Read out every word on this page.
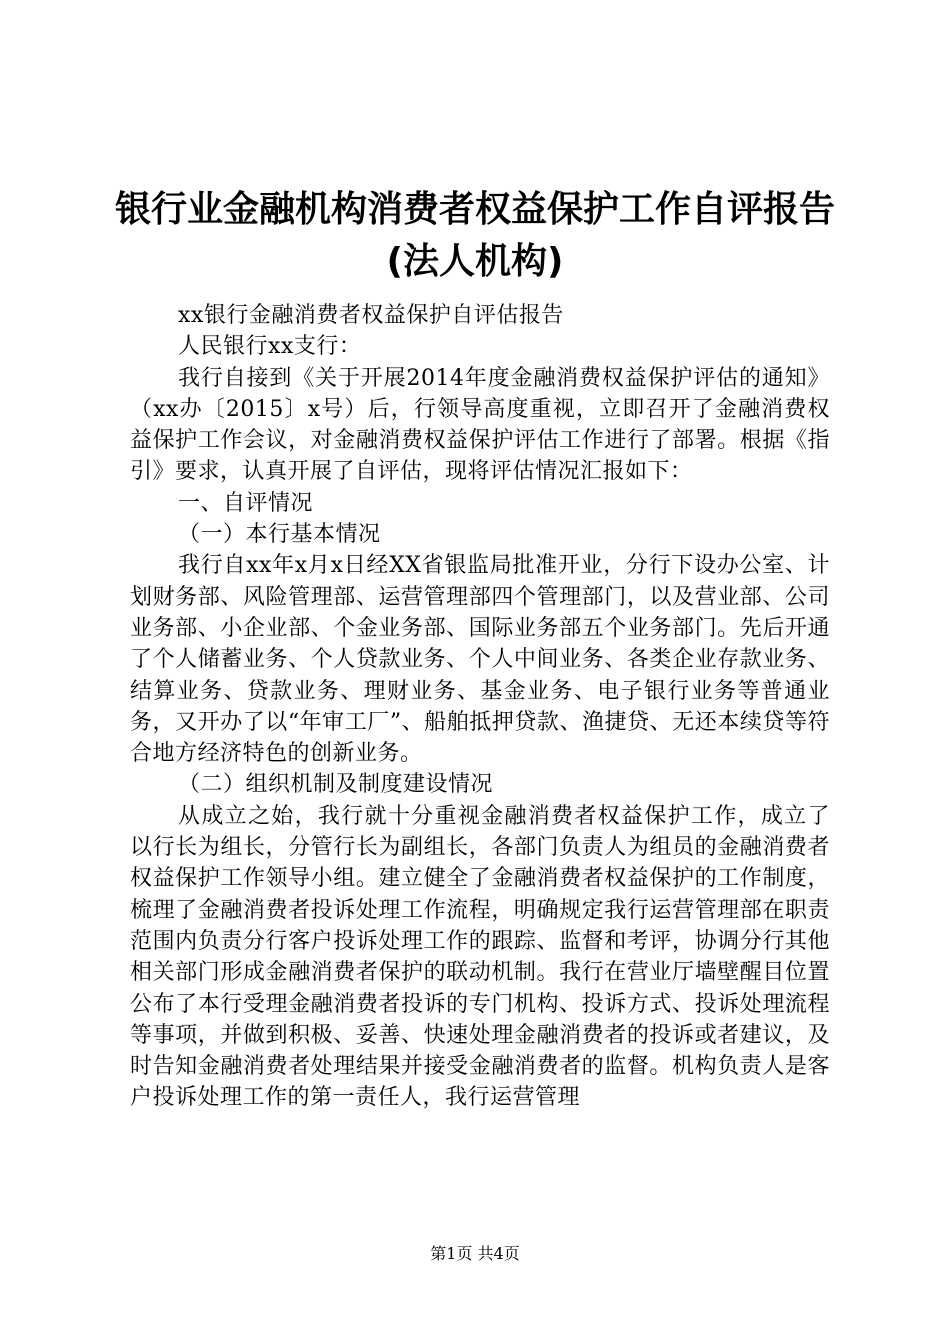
银行业金融机构消费者权益保护工作自评报告
(法人机构)

xx银行金融消费者权益保护自评估报告

人民银行xx支行：

我行自接到《关于开展2014年度金融消费权益保护评估的通知》（xx办〔2015〕x号）后，行领导高度重视，立即召开了金融消费权益保护工作会议，对金融消费权益保护评估工作进行了部署。根据《指引》要求，认真开展了自评估，现将评估情况汇报如下：

一、自评情况

（一）本行基本情况

我行自xx年x月x日经XX省银监局批准开业，分行下设办公室、计划财务部、风险管理部、运营管理部四个管理部门，以及营业部、公司业务部、小企业部、个金业务部、国际业务部五个业务部门。先后开通了个人储蓄业务、个人贷款业务、个人中间业务、各类企业存款业务、结算业务、贷款业务、理财业务、基金业务、电子银行业务等普通业务，又开办了以“年审工厂”、船舶抵押贷款、渔捷贷、无还本续贷等符合地方经济特色的创新业务。

（二）组织机制及制度建设情况

从成立之始，我行就十分重视金融消费者权益保护工作，成立了以行长为组长，分管行长为副组长，各部门负责人为组员的金融消费者权益保护工作领导小组。建立健全了金融消费者权益保护的工作制度，梳理了金融消费者投诉处理工作流程，明确规定我行运营管理部在职责范围内负责分行客户投诉处理工作的跟踪、监督和考评，协调分行其他相关部门形成金融消费者保护的联动机制。我行在营业厅墙壁醒目位置公布了本行受理金融消费者投诉的专门机构、投诉方式、投诉处理流程等事项，并做到积极、妥善、快速处理金融消费者的投诉或者建议，及时告知金融消费者处理结果并接受金融消费者的监督。机构负责人是客户投诉处理工作的第一责任人，我行运营管理

第1页 共4页
